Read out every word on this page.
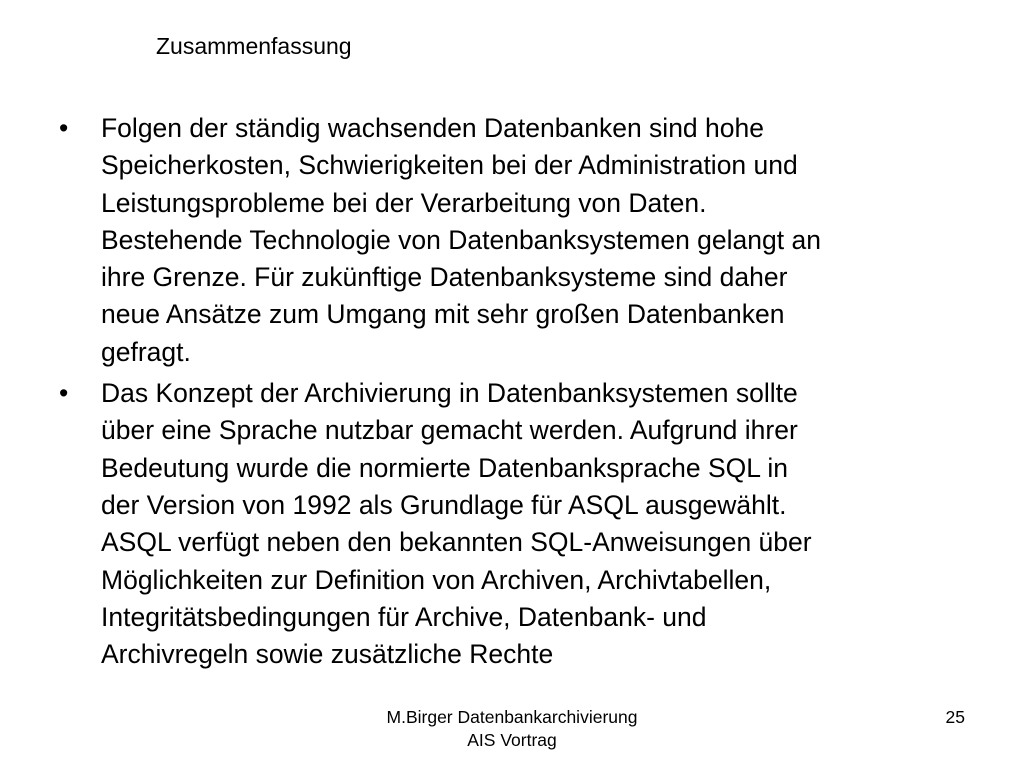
Zusammenfassung
• Folgen der ständig wachsenden Datenbanken sind hohe
Speicherkosten, Schwierigkeiten bei der Administration und
Leistungsprobleme bei der Verarbeitung von Daten.
Bestehende Technologie von Datenbanksystemen gelangt an
ihre Grenze. Für zukünftige Datenbanksysteme sind daher
neue Ansätze zum Umgang mit sehr großen Datenbanken
gefragt.
• Das Konzept der Archivierung in Datenbanksystemen sollte
über eine Sprache nutzbar gemacht werden. Aufgrund ihrer
Bedeutung wurde die normierte Datenbanksprache SQL in
der Version von 1992 als Grundlage für ASQL ausgewählt.
ASQL verfügt neben den bekannten SQL-Anweisungen über
Möglichkeiten zur Definition von Archiven, Archivtabellen,
Integritätsbedingungen für Archive, Datenbank- und
Archivregeln sowie zusätzliche Rechte
M.Birger Datenbankarchivierung
AIS Vortrag
25
